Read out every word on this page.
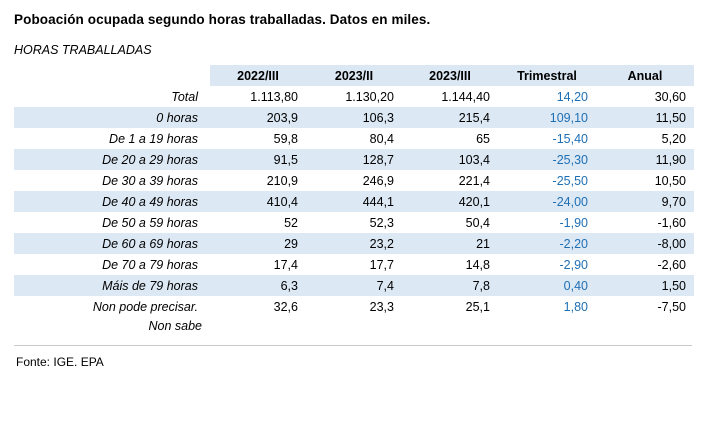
Poboación ocupada segundo horas traballadas. Datos en miles.
HORAS TRABALLADAS
	2022/III	2023/II	2023/III	Trimestral	Anual
Total	1.113,80	1.130,20	1.144,40	14,20	30,60
0 horas	203,9	106,3	215,4	109,10	11,50
De 1 a 19 horas	59,8	80,4	65	-15,40	5,20
De 20 a 29 horas	91,5	128,7	103,4	-25,30	11,90
De 30 a 39 horas	210,9	246,9	221,4	-25,50	10,50
De 40 a 49 horas	410,4	444,1	420,1	-24,00	9,70
De 50 a 59 horas	52	52,3	50,4	-1,90	-1,60
De 60 a 69 horas	29	23,2	21	-2,20	-8,00
De 70 a 79 horas	17,4	17,7	14,8	-2,90	-2,60
Máis de 79 horas	6,3	7,4	7,8	0,40	1,50
Non pode precisar.	32,6	23,3	25,1	1,80	-7,50
Non sabe					
Fonte: IGE. EPA
